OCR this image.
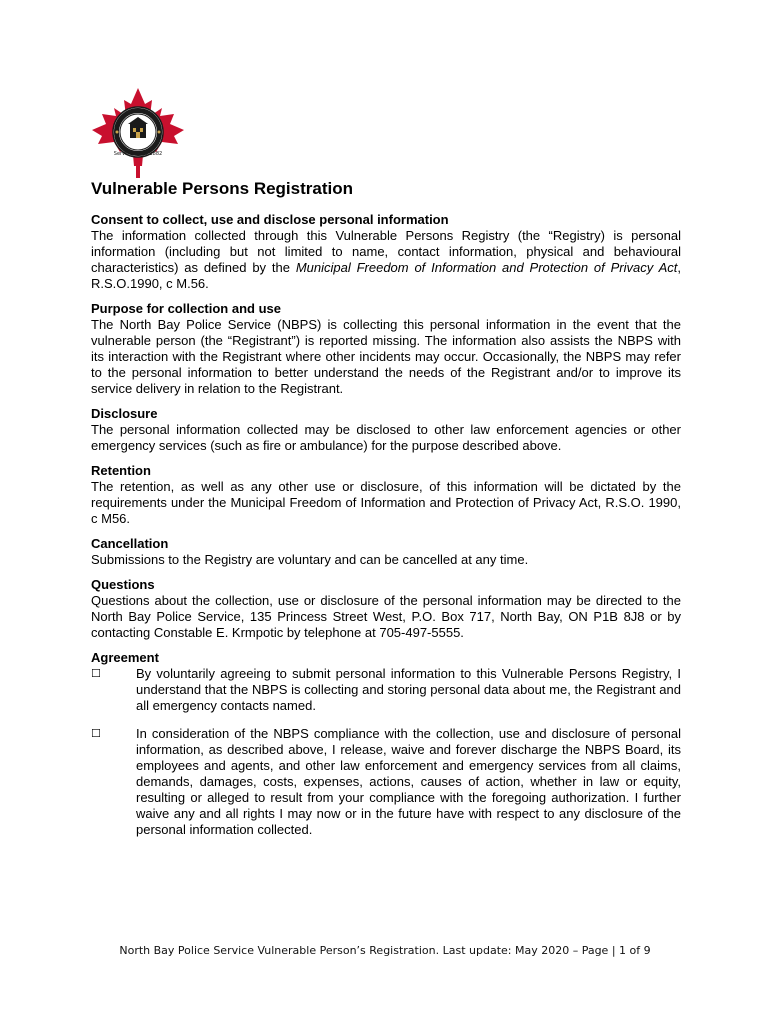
Serving Since 1882
Vulnerable Persons Registration
Consent to collect, use and disclose personal information
The information collected through this Vulnerable Persons Registry (the “Registry) is personal information (including but not limited to name, contact information, physical and behavioural characteristics) as defined by the Municipal Freedom of Information and Protection of Privacy Act, R.S.O.1990, c M.56.
Purpose for collection and use
The North Bay Police Service (NBPS) is collecting this personal information in the event that the vulnerable person (the “Registrant”) is reported missing. The information also assists the NBPS with its interaction with the Registrant where other incidents may occur. Occasionally, the NBPS may refer to the personal information to better understand the needs of the Registrant and/or to improve its service delivery in relation to the Registrant.
Disclosure
The personal information collected may be disclosed to other law enforcement agencies or other emergency services (such as fire or ambulance) for the purpose described above.
Retention
The retention, as well as any other use or disclosure, of this information will be dictated by the requirements under the Municipal Freedom of Information and Protection of Privacy Act, R.S.O. 1990, c M56.
Cancellation
Submissions to the Registry are voluntary and can be cancelled at any time.
Questions
Questions about the collection, use or disclosure of the personal information may be directed to the North Bay Police Service, 135 Princess Street West, P.O. Box 717, North Bay, ON P1B 8J8 or by contacting Constable E. Krmpotic by telephone at 705-497-5555.
Agreement
☐	By voluntarily agreeing to submit personal information to this Vulnerable Persons Registry, I understand that the NBPS is collecting and storing personal data about me, the Registrant and all emergency contacts named.
☐	In consideration of the NBPS compliance with the collection, use and disclosure of personal information, as described above, I release, waive and forever discharge the NBPS Board, its employees and agents, and other law enforcement and emergency services from all claims, demands, damages, costs, expenses, actions, causes of action, whether in law or equity, resulting or alleged to result from your compliance with the foregoing authorization. I further waive any and all rights I may now or in the future have with respect to any disclosure of the personal information collected.
North Bay Police Service Vulnerable Person’s Registration. Last update: May 2020 – Page | 1 of 9
